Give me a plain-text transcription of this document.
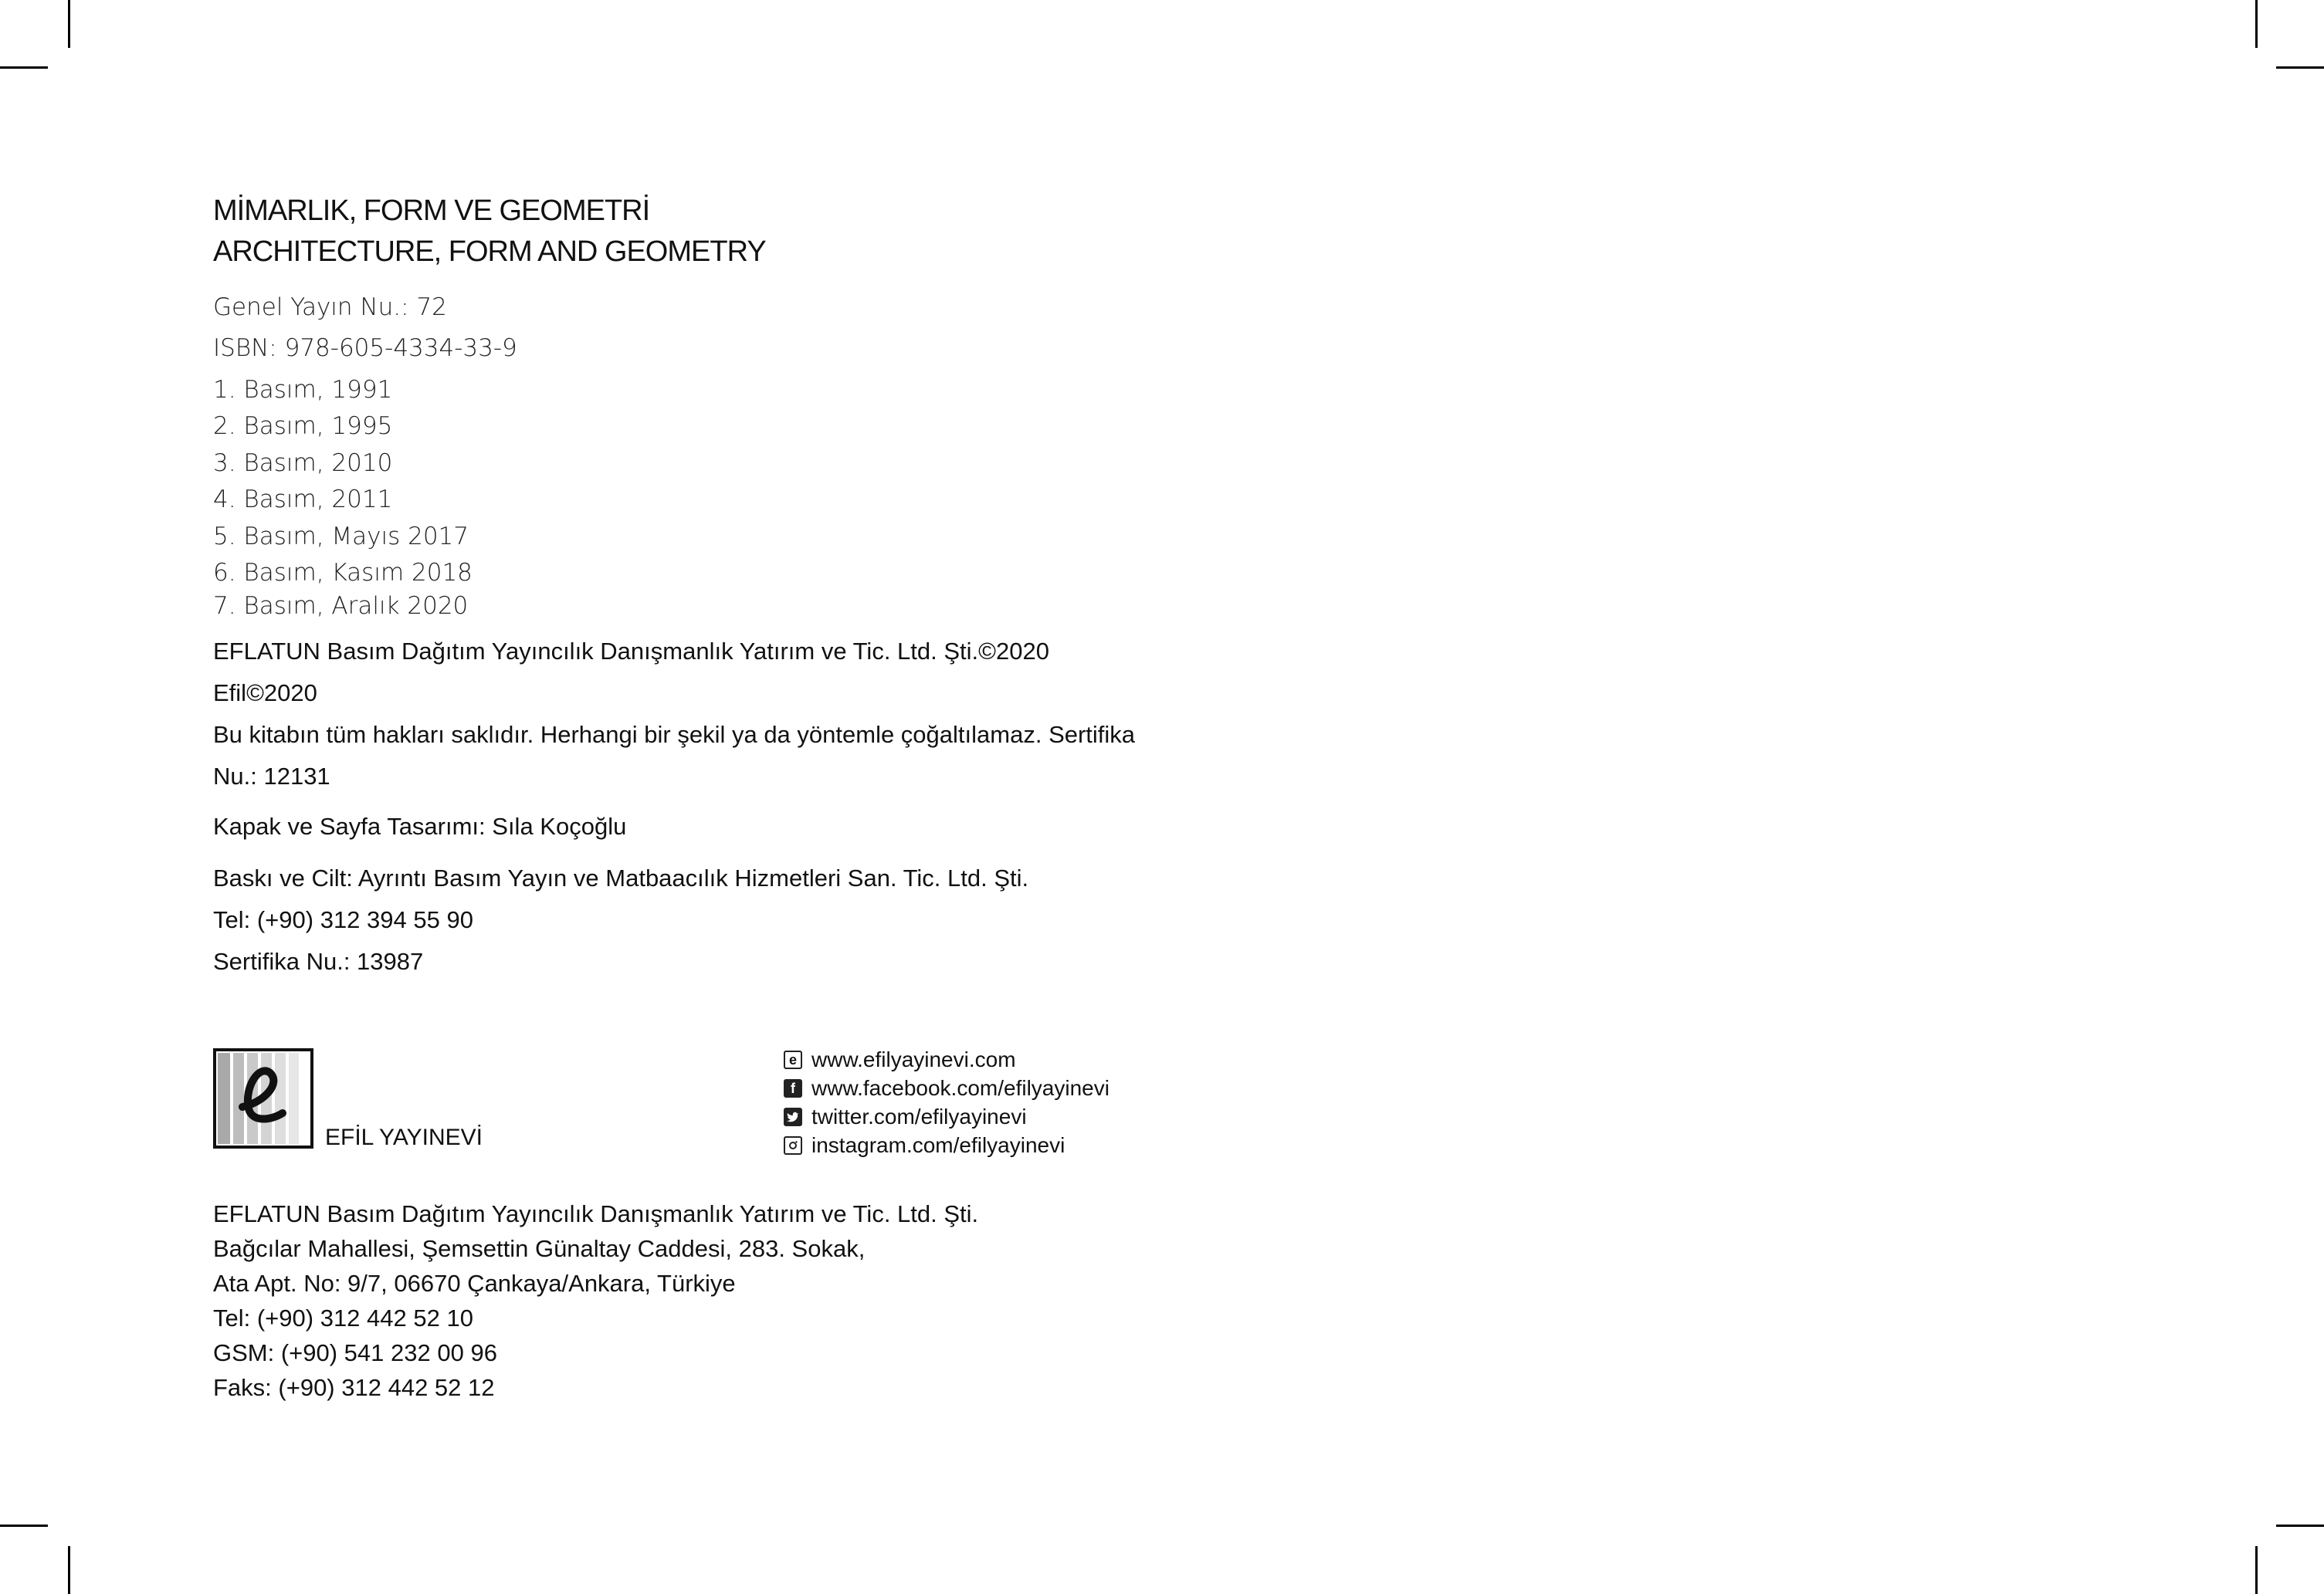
MİMARLIK, FORM VE GEOMETRİ
ARCHITECTURE, FORM AND GEOMETRY
Genel Yayın Nu.: 72
ISBN: 978-605-4334-33-9
1. Basım, 1991
2. Basım, 1995
3. Basım, 2010
4. Basım, 2011
5. Basım, Mayıs 2017
6. Basım, Kasım 2018
7. Basım, Aralık 2020
EFLATUN Basım Dağıtım Yayıncılık Danışmanlık Yatırım ve Tic. Ltd. Şti.©2020
Efil©2020
Bu kitabın tüm hakları saklıdır. Herhangi bir şekil ya da yöntemle çoğaltılamaz. Sertifika
Nu.: 12131
Kapak ve Sayfa Tasarımı: Sıla Koçoğlu
Baskı ve Cilt: Ayrıntı Basım Yayın ve Matbaacılık Hizmetleri San. Tic. Ltd. Şti.
Tel: (+90) 312 394 55 90
Sertifika Nu.: 13987
EFİL YAYINEVİ
e www.efilyayinevi.com
f www.facebook.com/efilyayinevi
twitter.com/efilyayinevi
instagram.com/efilyayinevi
EFLATUN Basım Dağıtım Yayıncılık Danışmanlık Yatırım ve Tic. Ltd. Şti.
Bağcılar Mahallesi, Şemsettin Günaltay Caddesi, 283. Sokak,
Ata Apt. No: 9/7, 06670 Çankaya/Ankara, Türkiye
Tel: (+90) 312 442 52 10
GSM: (+90) 541 232 00 96
Faks: (+90) 312 442 52 12
